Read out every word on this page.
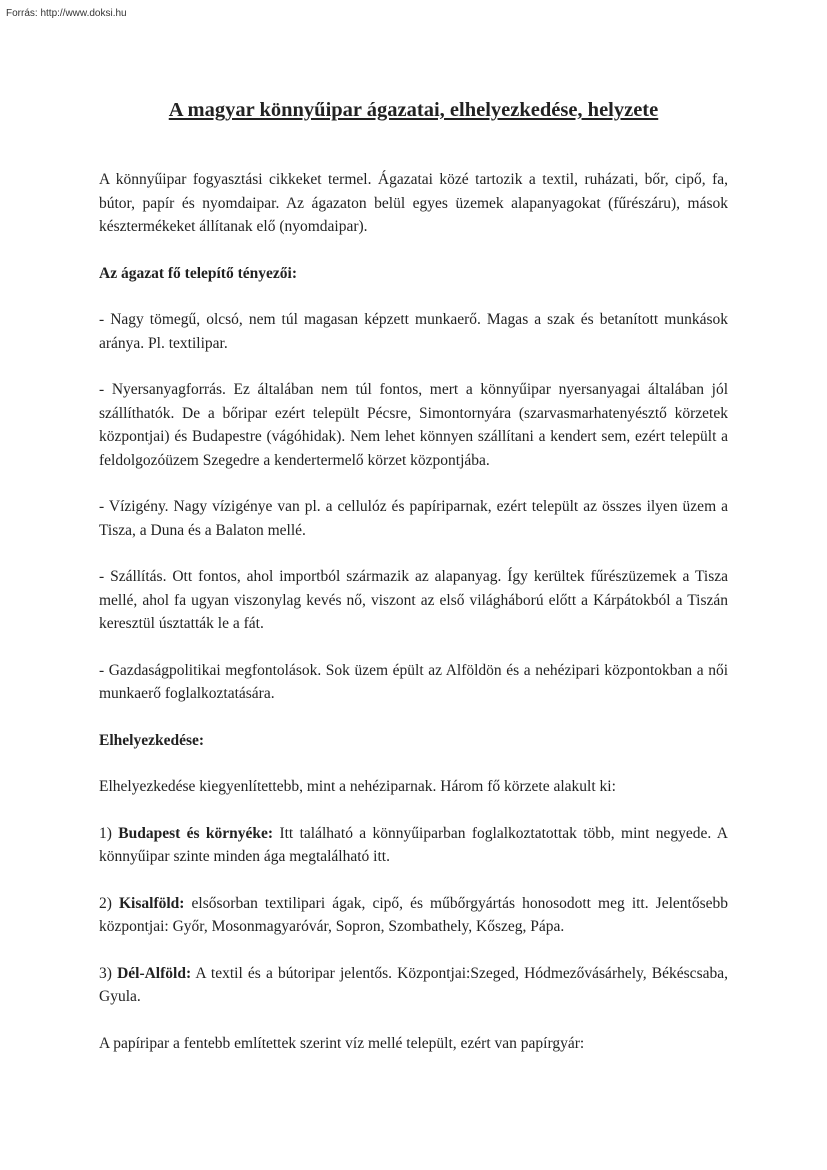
Forrás: http://www.doksi.hu

A magyar könnyűipar ágazatai, elhelyezkedése, helyzete

A könnyűipar fogyasztási cikkeket termel. Ágazatai közé tartozik a textil, ruházati, bőr, cipő, fa, bútor, papír és nyomdaipar. Az ágazaton belül egyes üzemek alapanyagokat (fűrészáru), mások késztermékeket állítanak elő (nyomdaipar).

Az ágazat fő telepítő tényezői:

- Nagy tömegű, olcsó, nem túl magasan képzett munkaerő. Magas a szak és betanított munkások aránya. Pl. textilipar.

- Nyersanyagforrás. Ez általában nem túl fontos, mert a könnyűipar nyersanyagai általában jól szállíthatók. De a bőripar ezért települt Pécsre, Simontornyára (szarvasmarhatenyésztő körzetek központjai) és Budapestre (vágóhidak). Nem lehet könnyen szállítani a kendert sem, ezért települt a feldolgozóüzem Szegedre a kendertermelő körzet központjába.

- Vízigény. Nagy vízigénye van pl. a cellulóz és papíriparnak, ezért települt az összes ilyen üzem a Tisza, a Duna és a Balaton mellé.

- Szállítás. Ott fontos, ahol importból származik az alapanyag. Így kerültek fűrészüzemek a Tisza mellé, ahol fa ugyan viszonylag kevés nő, viszont az első világháború előtt a Kárpátokból a Tiszán keresztül úsztatták le a fát.

- Gazdaságpolitikai megfontolások. Sok üzem épült az Alföldön és a nehézipari központokban a női munkaerő foglalkoztatására.

Elhelyezkedése:

Elhelyezkedése kiegyenlítettebb, mint a nehéziparnak. Három fő körzete alakult ki:

1) Budapest és környéke: Itt található a könnyűiparban foglalkoztatottak több, mint negyede. A könnyűipar szinte minden ága megtalálható itt.

2) Kisalföld: elsősorban textilipari ágak, cipő, és műbőrgyártás honosodott meg itt. Jelentősebb központjai: Győr, Mosonmagyaróvár, Sopron, Szombathely, Kőszeg, Pápa.

3) Dél-Alföld: A textil és a bútoripar jelentős. Központjai:Szeged, Hódmezővásárhely, Békéscsaba, Gyula.

A papíripar a fentebb említettek szerint víz mellé települt, ezért van papírgyár:
